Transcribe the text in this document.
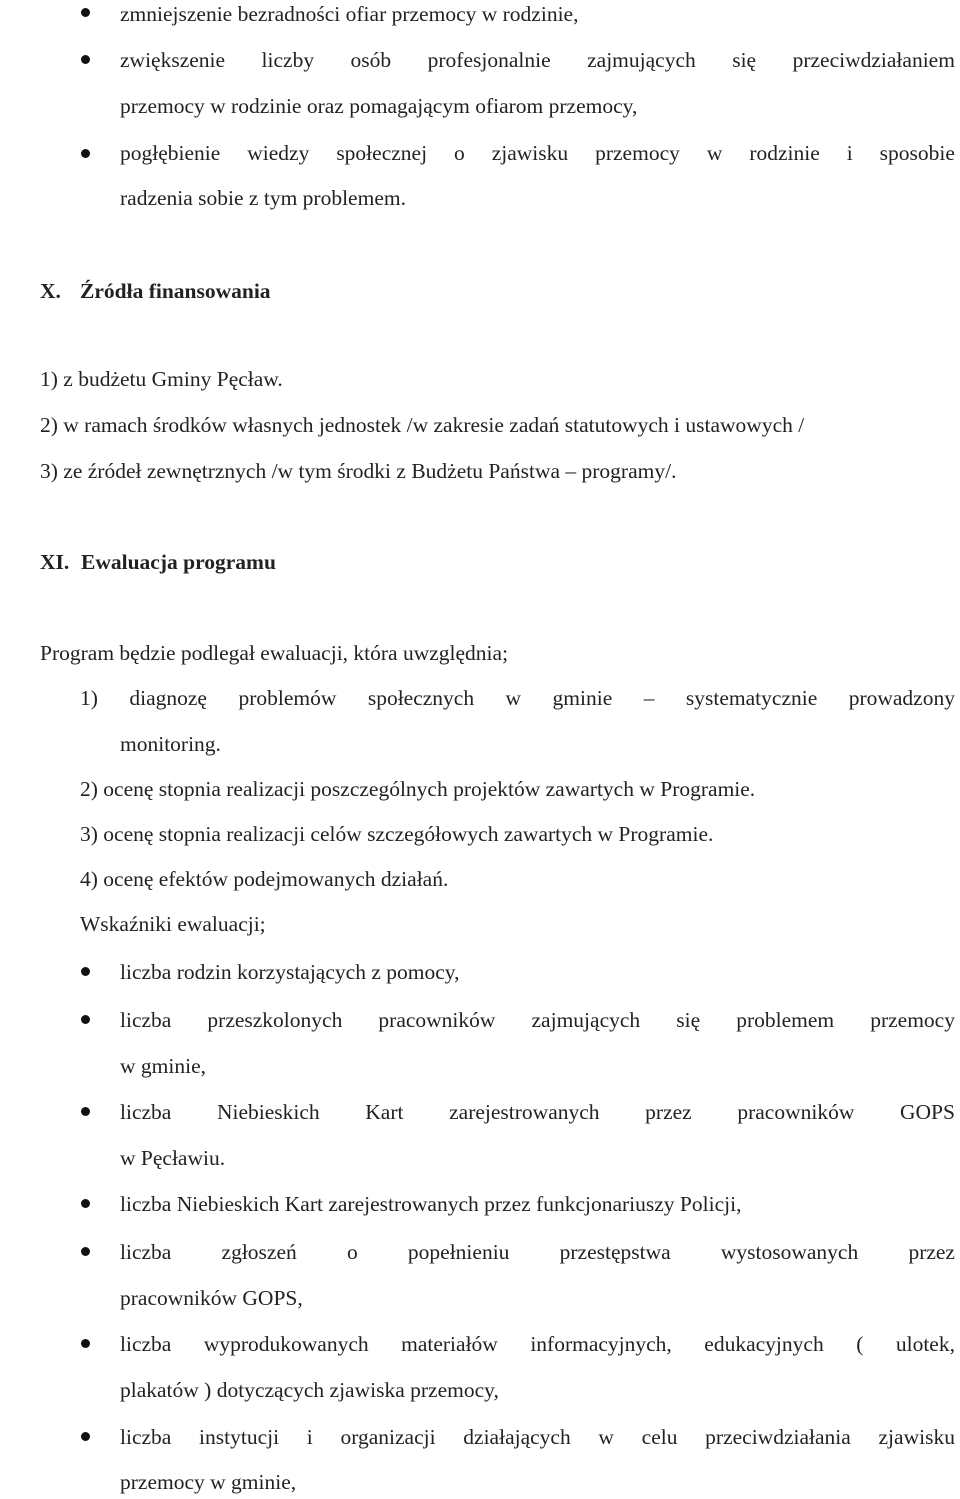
zmniejszenie bezradności ofiar przemocy w rodzinie,
zwiększenie liczby osób profesjonalnie zajmujących się przeciwdziałaniem
przemocy w rodzinie oraz pomagającym ofiarom przemocy,
pogłębienie wiedzy społecznej o zjawisku przemocy w rodzinie i sposobie
radzenia sobie z tym problemem.
X. Źródła finansowania
1) z budżetu Gminy Pęcław.
2) w ramach środków własnych jednostek /w zakresie zadań statutowych i ustawowych /
3) ze źródeł zewnętrznych /w tym środki z Budżetu Państwa – programy/.
XI. Ewaluacja programu
Program będzie podlegał ewaluacji, która uwzględnia;
1) diagnozę problemów społecznych w gminie – systematycznie prowadzony
monitoring.
2) ocenę stopnia realizacji poszczególnych projektów zawartych w Programie.
3) ocenę stopnia realizacji celów szczegółowych zawartych w Programie.
4) ocenę efektów podejmowanych działań.
Wskaźniki ewaluacji;
liczba rodzin korzystających z pomocy,
liczba przeszkolonych pracowników zajmujących się problemem przemocy
w gminie,
liczba Niebieskich Kart zarejestrowanych przez pracowników GOPS
w Pęcławiu.
liczba Niebieskich Kart zarejestrowanych przez funkcjonariuszy Policji,
liczba zgłoszeń o popełnieniu przestępstwa wystosowanych przez
pracowników GOPS,
liczba wyprodukowanych materiałów informacyjnych, edukacyjnych ( ulotek,
plakatów ) dotyczących zjawiska przemocy,
liczba instytucji i organizacji działających w celu przeciwdziałania zjawisku
przemocy w gminie,
